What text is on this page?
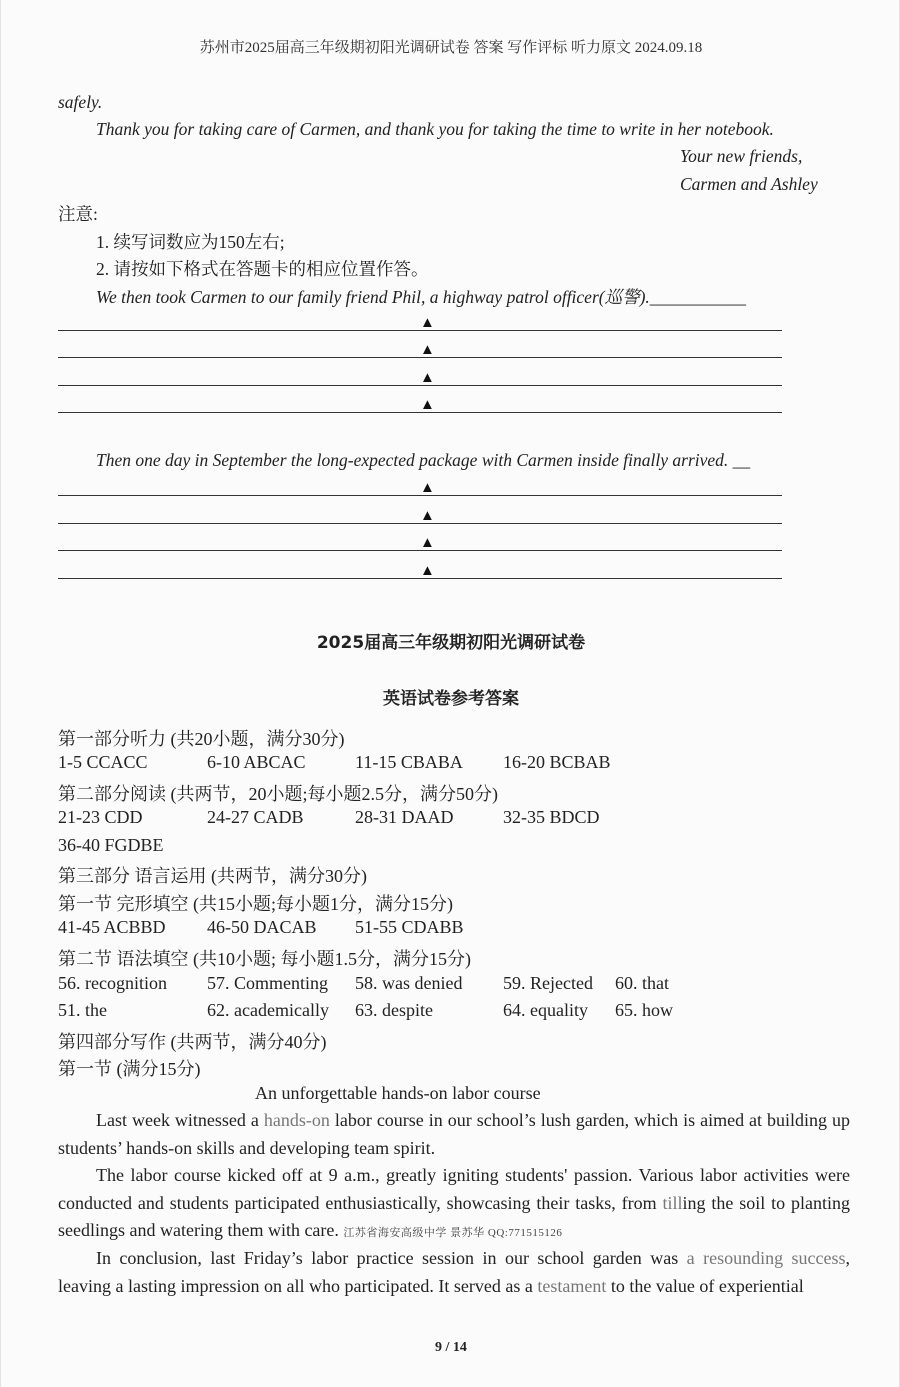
苏州市2025届高三年级期初阳光调研试卷 答案 写作评标 听力原文 2024.09.18
safely.
Thank you for taking care of Carmen, and thank you for taking the time to write in her notebook.
Your new friends,
Carmen and Ashley
注意:
1. 续写词数应为150左右;
2. 请按如下格式在答题卡的相应位置作答。
We then took Carmen to our family friend Phil, a highway patrol officer(巡警).___________
▲
▲
▲
▲
Then one day in September the long-expected package with Carmen inside finally arrived. __
▲
▲
▲
▲
2025届高三年级期初阳光调研试卷
英语试卷参考答案
第一部分听力 (共20小题，满分30分)
1-5 CCACC	6-10 ABCAC	11-15 CBABA 16-20 BCBAB
第二部分阅读 (共两节，20小题;每小题2.5分，满分50分)
21-23 CDD	24-27 CADB	28-31 DAAD	32-35 BDCD
36-40 FGDBE
第三部分 语言运用 (共两节，满分30分)
第一节 完形填空 (共15小题;每小题1分，满分15分)
41-45 ACBBD 46-50 DACAB 51-55 CDABB
第二节 语法填空 (共10小题; 每小题1.5分，满分15分)
56. recognition 57. Commenting 58. was denied 59. Rejected 60. that
51. the	62. academically 63. despite	64. equality 65. how
第四部分写作 (共两节，满分40分)
第一节 (满分15分)
An unforgettable hands-on labor course
Last week witnessed a hands-on labor course in our school’s lush garden, which is aimed at building up students’ hands-on skills and developing team spirit.
The labor course kicked off at 9 a.m., greatly igniting students' passion. Various labor activities were conducted and students participated enthusiastically, showcasing their tasks, from tilling the soil to planting seedlings and watering them with care. 江苏省海安高级中学 景苏华 QQ:771515126
In conclusion, last Friday’s labor practice session in our school garden was a resounding success, leaving a lasting impression on all who participated. It served as a testament to the value of experiential
9 / 14
